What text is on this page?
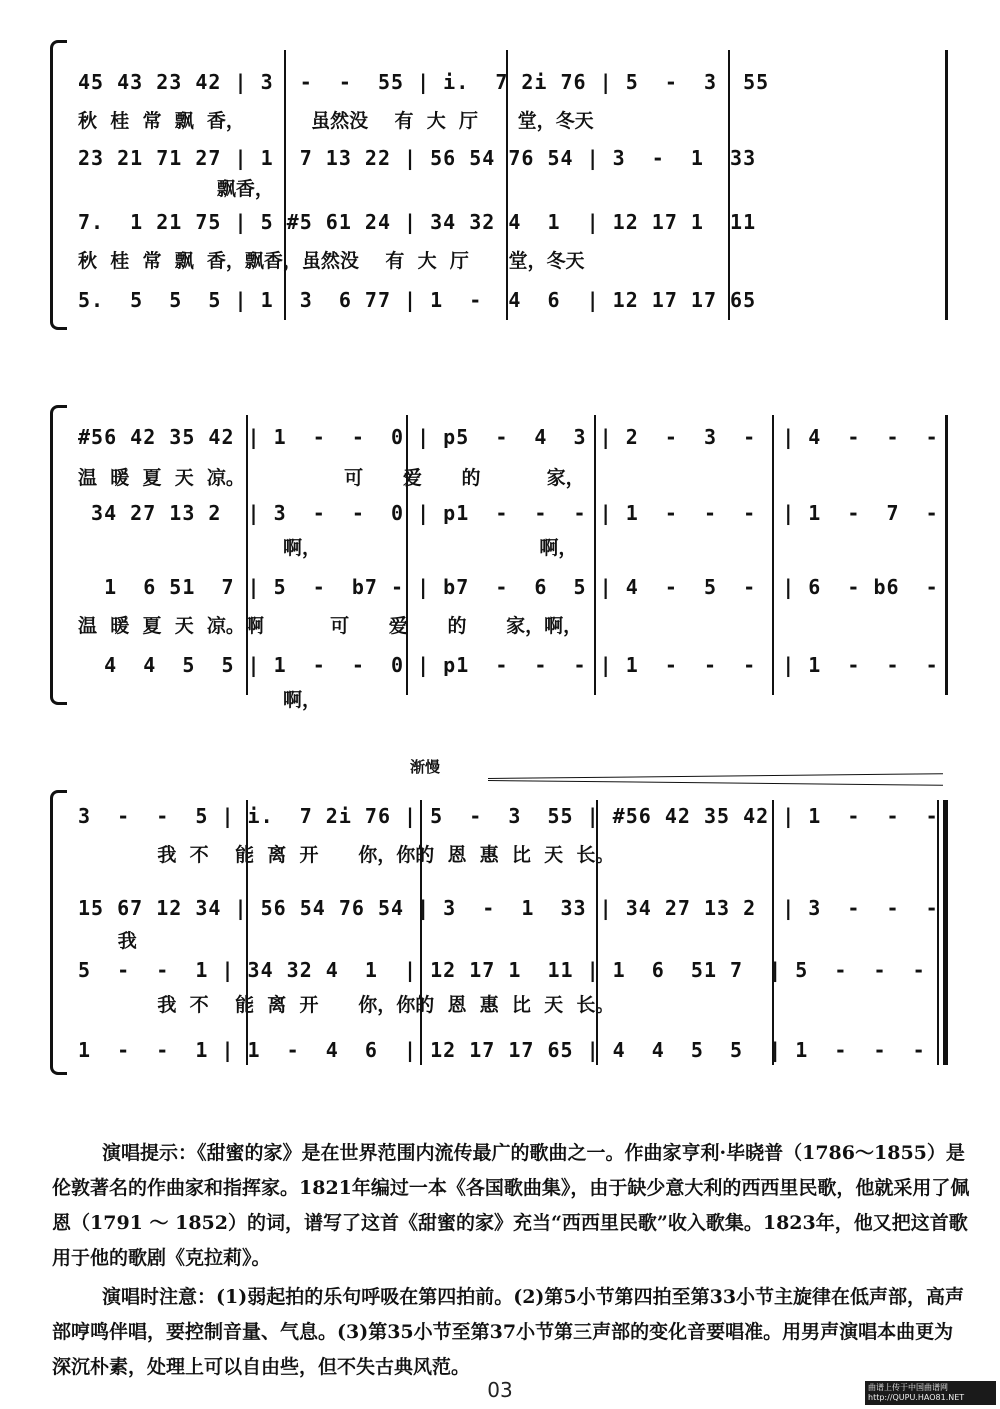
45 43 23 42 | 3  -  -  55 | i.  7 2i 76 | 5  -  3  55
秋  桂  常  飘  香，          虽然没    有  大  厅      堂，冬天
23 21 71 27 | 1  7 13 22 | 56 54 76 54 | 3  -  1  33
飘香，
7.  1 21 75 | 5 #5 61 24 | 34 32 4  1  | 12 17 1  11
秋  桂  常  飘  香，飘香，虽然没    有  大  厅      堂，冬天
5.  5  5  5 | 1  3  6 77 | 1  -  4  6  | 12 17 17 65
#56 42 35 42 | 1  -  -  0 | p5  -  4  3 | 2  -  3  -  | 4  -  -  -
温  暖  夏  天  凉。               可      爱      的          家，
34 27 13 2  | 3  -  -  0 | p1  -  -  - | 1  -  -  -  | 1  -  7  -
啊，                                 啊，
1  6 51  7 | 5  -  b7 - | b7  -  6  5 | 4  -  5  -  | 6  - b6  -
温  暖  夏  天  凉。啊          可      爱      的      家，啊，
4  4  5  5 | 1  -  -  0 | p1  -  -  - | 1  -  -  -  | 1  -  -  -
啊，
渐慢
3  -  -  5 | i.  7 2i 76 | 5  -  3  55 | #56 42 35 42 | 1  -  -  -
我  不    能  离  开      你，你的  恩  惠  比  天  长。
15 67 12 34 | 56 54 76 54 | 3  -  1  33 | 34 27 13 2  | 3  -  -  -
我
5  -  -  1 | 34 32 4  1  | 12 17 1  11 | 1  6  51 7  | 5  -  -  -
我  不    能  离  开      你，你的  恩  惠  比  天  长。
1  -  -  1 | 1  -  4  6  | 12 17 17 65 | 4  4  5  5  | 1  -  -  -

演唱提示：《甜蜜的家》是在世界范围内流传最广的歌曲之一。作曲家亨利·毕晓普（1786～1855）是伦敦著名的作曲家和指挥家。1821年编过一本《各国歌曲集》，由于缺少意大利的西西里民歌，他就采用了佩恩（1791 ～ 1852）的词，谱写了这首《甜蜜的家》充当“西西里民歌”收入歌集。1823年，他又把这首歌用于他的歌剧《克拉莉》。

演唱时注意：(1)弱起拍的乐句呼吸在第四拍前。(2)第5小节第四拍至第33小节主旋律在低声部，高声部哼鸣伴唱，要控制音量、气息。(3)第35小节至第37小节第三声部的变化音要唱准。用男声演唱本曲更为深沉朴素，处理上可以自由些，但不失古典风范。

03	曲谱上传于中国曲谱网 http://QUPU.HAO81.NET
